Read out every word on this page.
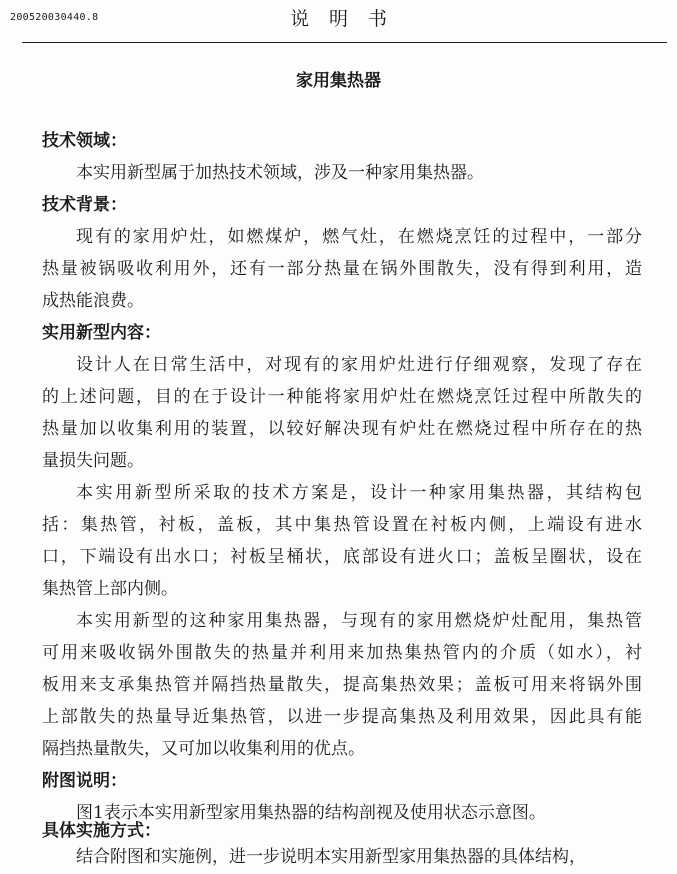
200520030440.8	说明书
家用集热器
技术领域：
本实用新型属于加热技术领域，涉及一种家用集热器。
技术背景：
现有的家用炉灶，如燃煤炉，燃气灶，在燃烧烹饪的过程中，一部分
热量被锅吸收利用外，还有一部分热量在锅外围散失，没有得到利用，造
成热能浪费。
实用新型内容：
设计人在日常生活中，对现有的家用炉灶进行仔细观察，发现了存在
的上述问题，目的在于设计一种能将家用炉灶在燃烧烹饪过程中所散失的
热量加以收集利用的装置，以较好解决现有炉灶在燃烧过程中所存在的热
量损失问题。
本实用新型所采取的技术方案是，设计一种家用集热器，其结构包
括：集热管，衬板，盖板，其中集热管设置在衬板内侧，上端设有进水
口，下端设有出水口；衬板呈桶状，底部设有进火口；盖板呈圈状，设在
集热管上部内侧。
本实用新型的这种家用集热器，与现有的家用燃烧炉灶配用，集热管
可用来吸收锅外围散失的热量并利用来加热集热管内的介质（如水），衬
板用来支承集热管并隔挡热量散失，提高集热效果；盖板可用来将锅外围
上部散失的热量导近集热管，以进一步提高集热及利用效果，因此具有能
隔挡热量散失，又可加以收集利用的优点。
附图说明：
图1表示本实用新型家用集热器的结构剖视及使用状态示意图。
具体实施方式：
结合附图和实施例，进一步说明本实用新型家用集热器的具体结构，
